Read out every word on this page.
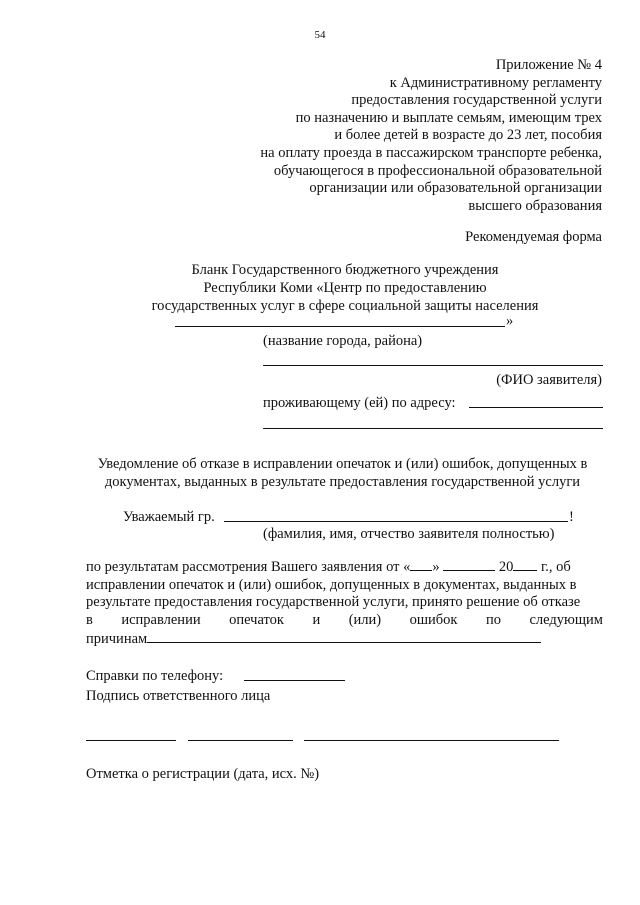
54
Приложение № 4
к Административному регламенту
предоставления государственной услуги
по назначению и выплате семьям, имеющим трех
и более детей в возрасте до 23 лет, пособия
на оплату проезда в пассажирском транспорте ребенка,
обучающегося в профессиональной образовательной
организации или образовательной организации
высшего образования
Рекомендуемая форма
Бланк Государственного бюджетного учреждения
Республики Коми «Центр по предоставлению
государственных услуг в сфере социальной защиты населения
»
(название города, района)
(ФИО заявителя)
проживающему (ей) по адресу:
Уведомление об отказе в исправлении опечаток и (или) ошибок, допущенных в документах, выданных в результате предоставления государственной услуги
Уважаемый гр.	!
(фамилия, имя, отчество заявителя полностью)
по результатам рассмотрения Вашего заявления от « »	20 г., об
исправлении опечаток и (или) ошибок, допущенных в документах, выданных в
результате предоставления государственной услуги, принято решение об отказе
в исправлении опечаток и (или) ошибок по следующим
причинам
Справки по телефону:
Подпись ответственного лица
Отметка о регистрации (дата, исх. №)
